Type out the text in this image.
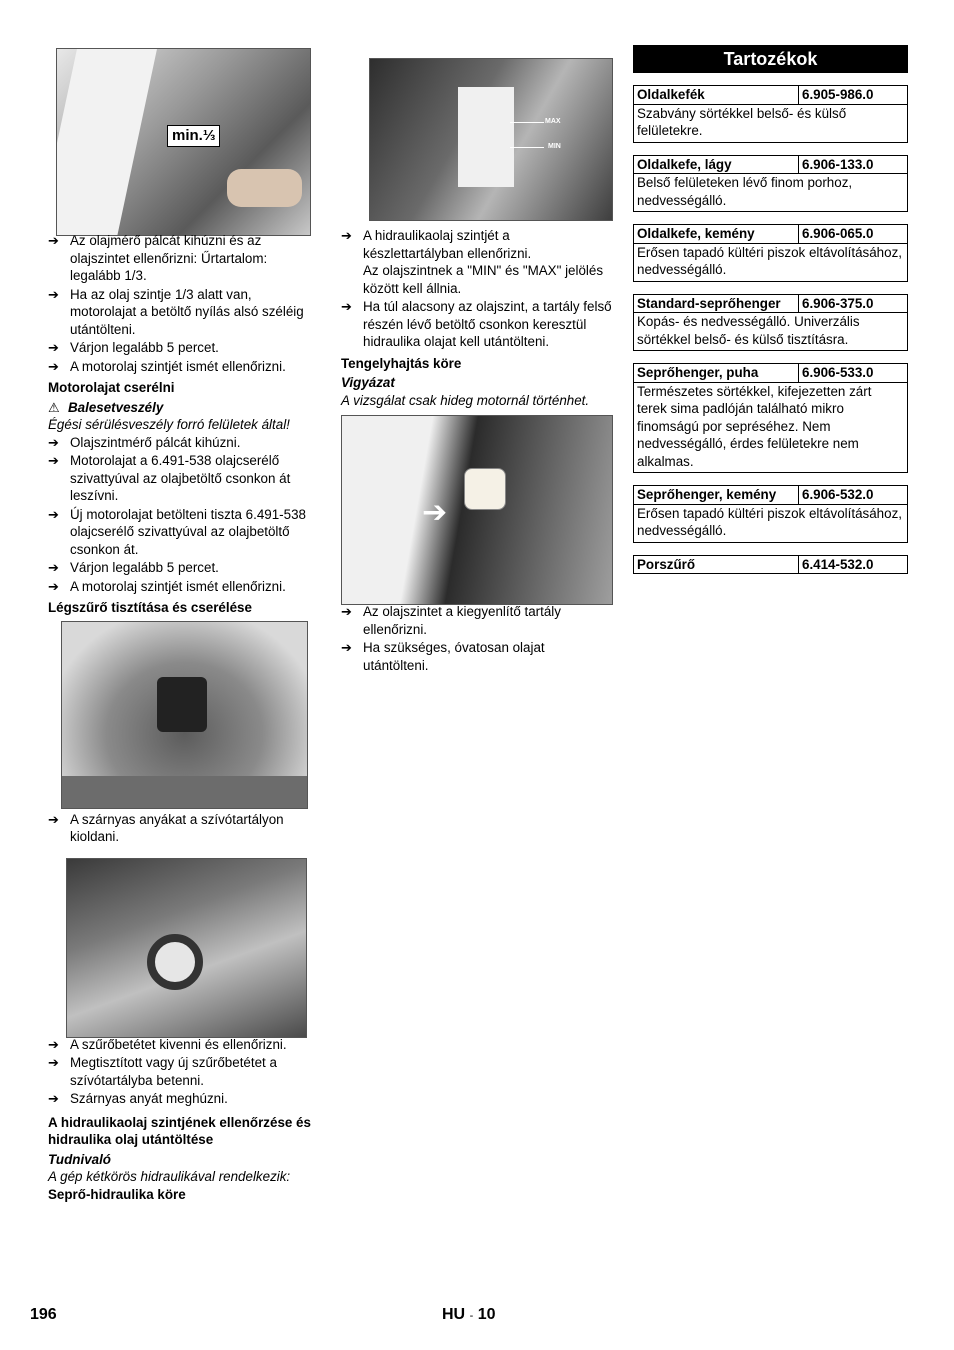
min.⅓
➔ Az olajmérő pálcát kihúzni és az olajszintet ellenőrizni: Űrtartalom: legalább 1/3.
➔ Ha az olaj szintje 1/3 alatt van, motorolajat a betöltő nyílás alsó széléig utántölteni.
➔ Várjon legalább 5 percet.
➔ A motorolaj szintjét ismét ellenőrizni.
Motorolajat cserélni
⚠ Balesetveszély
Égési sérülésveszély forró felületek által!
➔ Olajszintmérő pálcát kihúzni.
➔ Motorolajat a 6.491-538 olajcserélő szivattyúval az olajbetöltő csonkon át leszívni.
➔ Új motorolajat betölteni tiszta 6.491-538 olajcserélő szivattyúval az olajbetöltő csonkon át.
➔ Várjon legalább 5 percet.
➔ A motorolaj szintjét ismét ellenőrizni.
Légszűrő tisztítása és cserélése
➔ A szárnyas anyákat a szívótartályon kioldani.
➔ A szűrőbetétet kivenni és ellenőrizni.
➔ Megtisztított vagy új szűrőbetétet a szívótartályba betenni.
➔ Szárnyas anyát meghúzni.
A hidraulikaolaj szintjének ellenőrzése és hidraulika olaj utántöltése
Tudnivaló
A gép kétkörös hidraulikával rendelkezik:
Seprő-hidraulika köre
MAX
MIN
➔ A hidraulikaolaj szintjét a készlettartályban ellenőrizni.
Az olajszintnek a "MIN" és "MAX" jelölés között kell állnia.
➔ Ha túl alacsony az olajszint, a tartály felső részén lévő betöltő csonkon keresztül hidraulika olajat kell utántölteni.
Tengelyhajtás köre
Vigyázat
A vizsgálat csak hideg motornál történhet.
➔
➔ Az olajszintet a kiegyenlítő tartály ellenőrizni.
➔ Ha szükséges, óvatosan olajat utántölteni.
Tartozékok
Oldalkefék	6.905-986.0
Szabvány sörtékkel belső- és külső felületekre.
Oldalkefe, lágy	6.906-133.0
Belső felületeken lévő finom porhoz, nedvességálló.
Oldalkefe, kemény	6.906-065.0
Erősen tapadó kültéri piszok eltávolításához, nedvességálló.
Standard-seprőhenger	6.906-375.0
Kopás- és nedvességálló. Univerzális sörtékkel belső- és külső tisztításra.
Seprőhenger, puha	6.906-533.0
Természetes sörtékkel, kifejezetten zárt terek sima padlóján található mikro finomságú por sepréséhez. Nem nedvességálló, érdes felületekre nem alkalmas.
Seprőhenger, kemény	6.906-532.0
Erősen tapadó kültéri piszok eltávolításához, nedvességálló.
Porszűrő	6.414-532.0
196	HU - 10
